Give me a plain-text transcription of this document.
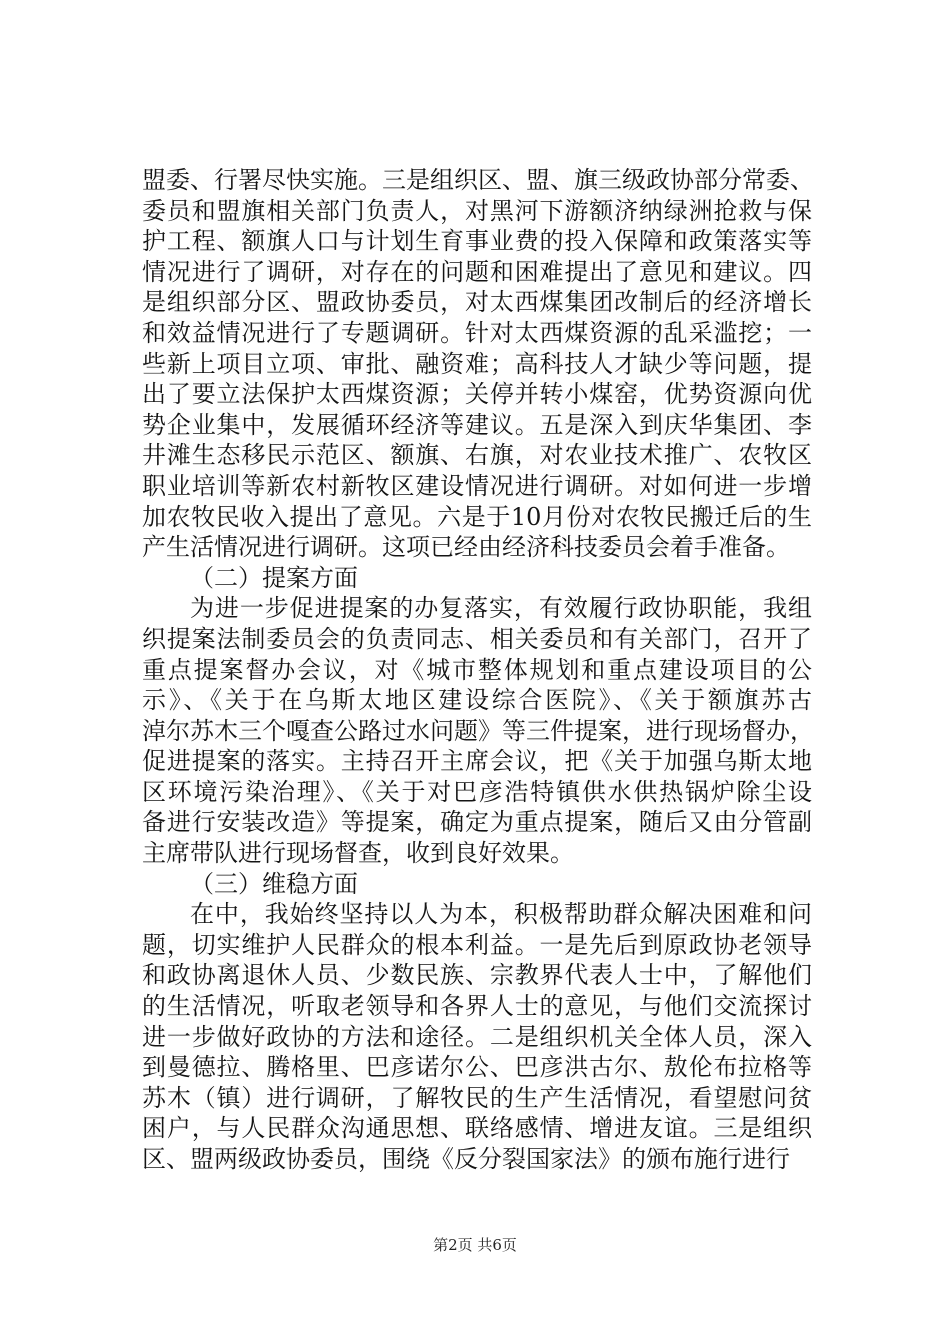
盟委、行署尽快实施。三是组织区、盟、旗三级政协部分常委、
委员和盟旗相关部门负责人，对黑河下游额济纳绿洲抢救与保
护工程、额旗人口与计划生育事业费的投入保障和政策落实等
情况进行了调研，对存在的问题和困难提出了意见和建议。四
是组织部分区、盟政协委员，对太西煤集团改制后的经济增长
和效益情况进行了专题调研。针对太西煤资源的乱采滥挖；一
些新上项目立项、审批、融资难；高科技人才缺少等问题，提
出了要立法保护太西煤资源；关停并转小煤窑，优势资源向优
势企业集中，发展循环经济等建议。五是深入到庆华集团、李
井滩生态移民示范区、额旗、右旗，对农业技术推广、农牧区
职业培训等新农村新牧区建设情况进行调研。对如何进一步增
加农牧民收入提出了意见。六是于10月份对农牧民搬迁后的生
产生活情况进行调研。这项已经由经济科技委员会着手准备。
（二）提案方面
为进一步促进提案的办复落实，有效履行政协职能，我组
织提案法制委员会的负责同志、相关委员和有关部门，召开了
重点提案督办会议，对《城市整体规划和重点建设项目的公
示》、《关于在乌斯太地区建设综合医院》、《关于额旗苏古
淖尔苏木三个嘎查公路过水问题》等三件提案，进行现场督办，
促进提案的落实。主持召开主席会议，把《关于加强乌斯太地
区环境污染治理》、《关于对巴彦浩特镇供水供热锅炉除尘设
备进行安装改造》等提案，确定为重点提案，随后又由分管副
主席带队进行现场督查，收到良好效果。
（三）维稳方面
在中，我始终坚持以人为本，积极帮助群众解决困难和问
题，切实维护人民群众的根本利益。一是先后到原政协老领导
和政协离退休人员、少数民族、宗教界代表人士中，了解他们
的生活情况，听取老领导和各界人士的意见，与他们交流探讨
进一步做好政协的方法和途径。二是组织机关全体人员，深入
到曼德拉、腾格里、巴彦诺尔公、巴彦洪古尔、敖伦布拉格等
苏木（镇）进行调研，了解牧民的生产生活情况，看望慰问贫
困户，与人民群众沟通思想、联络感情、增进友谊。三是组织
区、盟两级政协委员，围绕《反分裂国家法》的颁布施行进行
第2页 共6页
